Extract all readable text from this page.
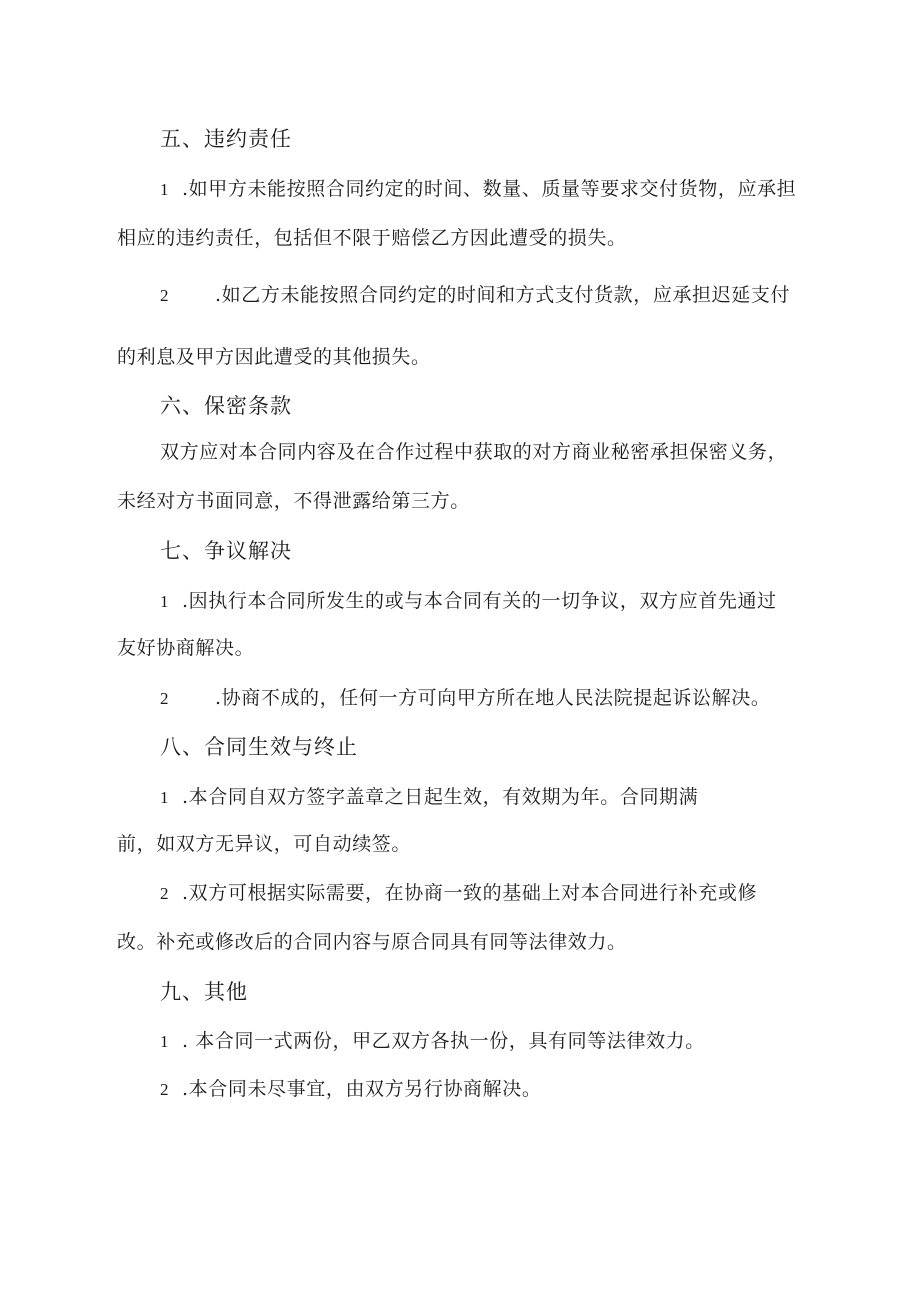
五、违约责任
1 .如甲方未能按照合同约定的时间、数量、质量等要求交付货物，应承担
相应的违约责任，包括但不限于赔偿乙方因此遭受的损失。
2 .如乙方未能按照合同约定的时间和方式支付货款，应承担迟延支付
的利息及甲方因此遭受的其他损失。
六、保密条款
双方应对本合同内容及在合作过程中获取的对方商业秘密承担保密义务，
未经对方书面同意，不得泄露给第三方。
七、争议解决
1 .因执行本合同所发生的或与本合同有关的一切争议，双方应首先通过
友好协商解决。
2 .协商不成的，任何一方可向甲方所在地人民法院提起诉讼解决。
八、合同生效与终止
1 .本合同自双方签字盖章之日起生效，有效期为年。合同期满
前，如双方无异议，可自动续签。
2 .双方可根据实际需要，在协商一致的基础上对本合同进行补充或修
改。补充或修改后的合同内容与原合同具有同等法律效力。
九、其他
1 . 本合同一式两份，甲乙双方各执一份，具有同等法律效力。
2 .本合同未尽事宜，由双方另行协商解决。
